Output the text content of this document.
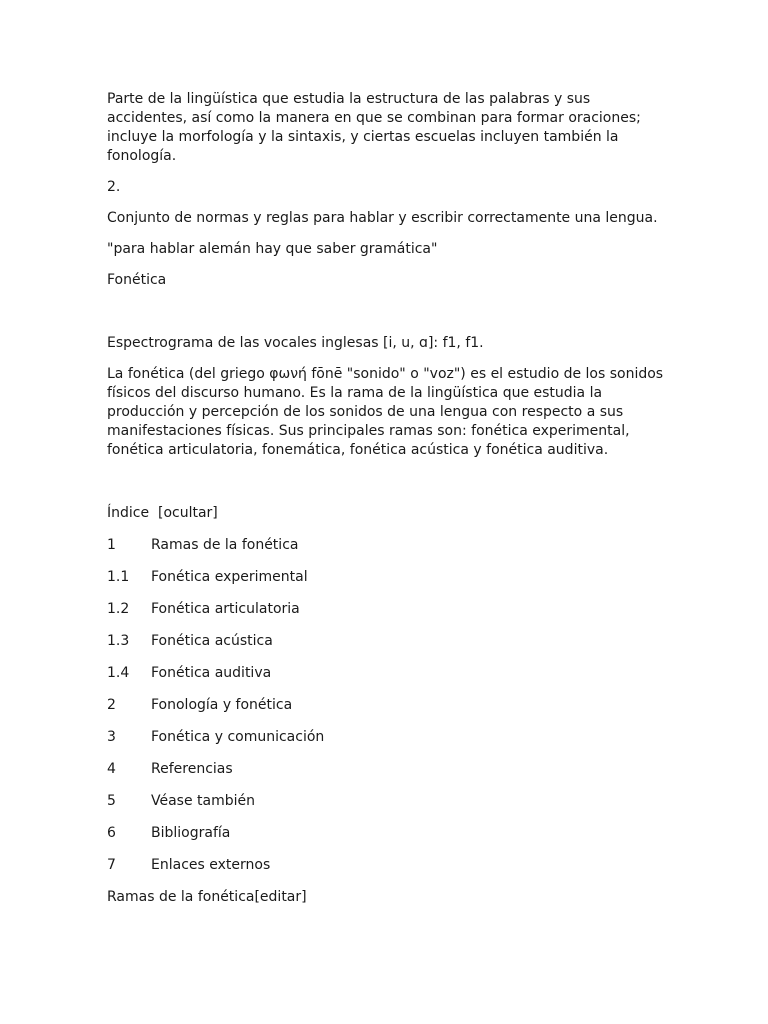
Parte de la lingüística que estudia la estructura de las palabras y sus accidentes, así como la manera en que se combinan para formar oraciones; incluye la morfología y la sintaxis, y ciertas escuelas incluyen también la fonología.

2.

Conjunto de normas y reglas para hablar y escribir correctamente una lengua.

"para hablar alemán hay que saber gramática"

Fonética

Espectrograma de las vocales inglesas [i, u, ɑ]: f1, f1.

La fonética (del griego φωνή fōnē "sonido" o "voz") es el estudio de los sonidos físicos del discurso humano. Es la rama de la lingüística que estudia la producción y percepción de los sonidos de una lengua con respecto a sus manifestaciones físicas. Sus principales ramas son: fonética experimental, fonética articulatoria, fonemática, fonética acústica y fonética auditiva.

Índice [ocultar]
1	Ramas de la fonética
1.1	Fonética experimental
1.2	Fonética articulatoria
1.3	Fonética acústica
1.4	Fonética auditiva
2	Fonología y fonética
3	Fonética y comunicación
4	Referencias
5	Véase también
6	Bibliografía
7	Enlaces externos
Ramas de la fonética[editar]
